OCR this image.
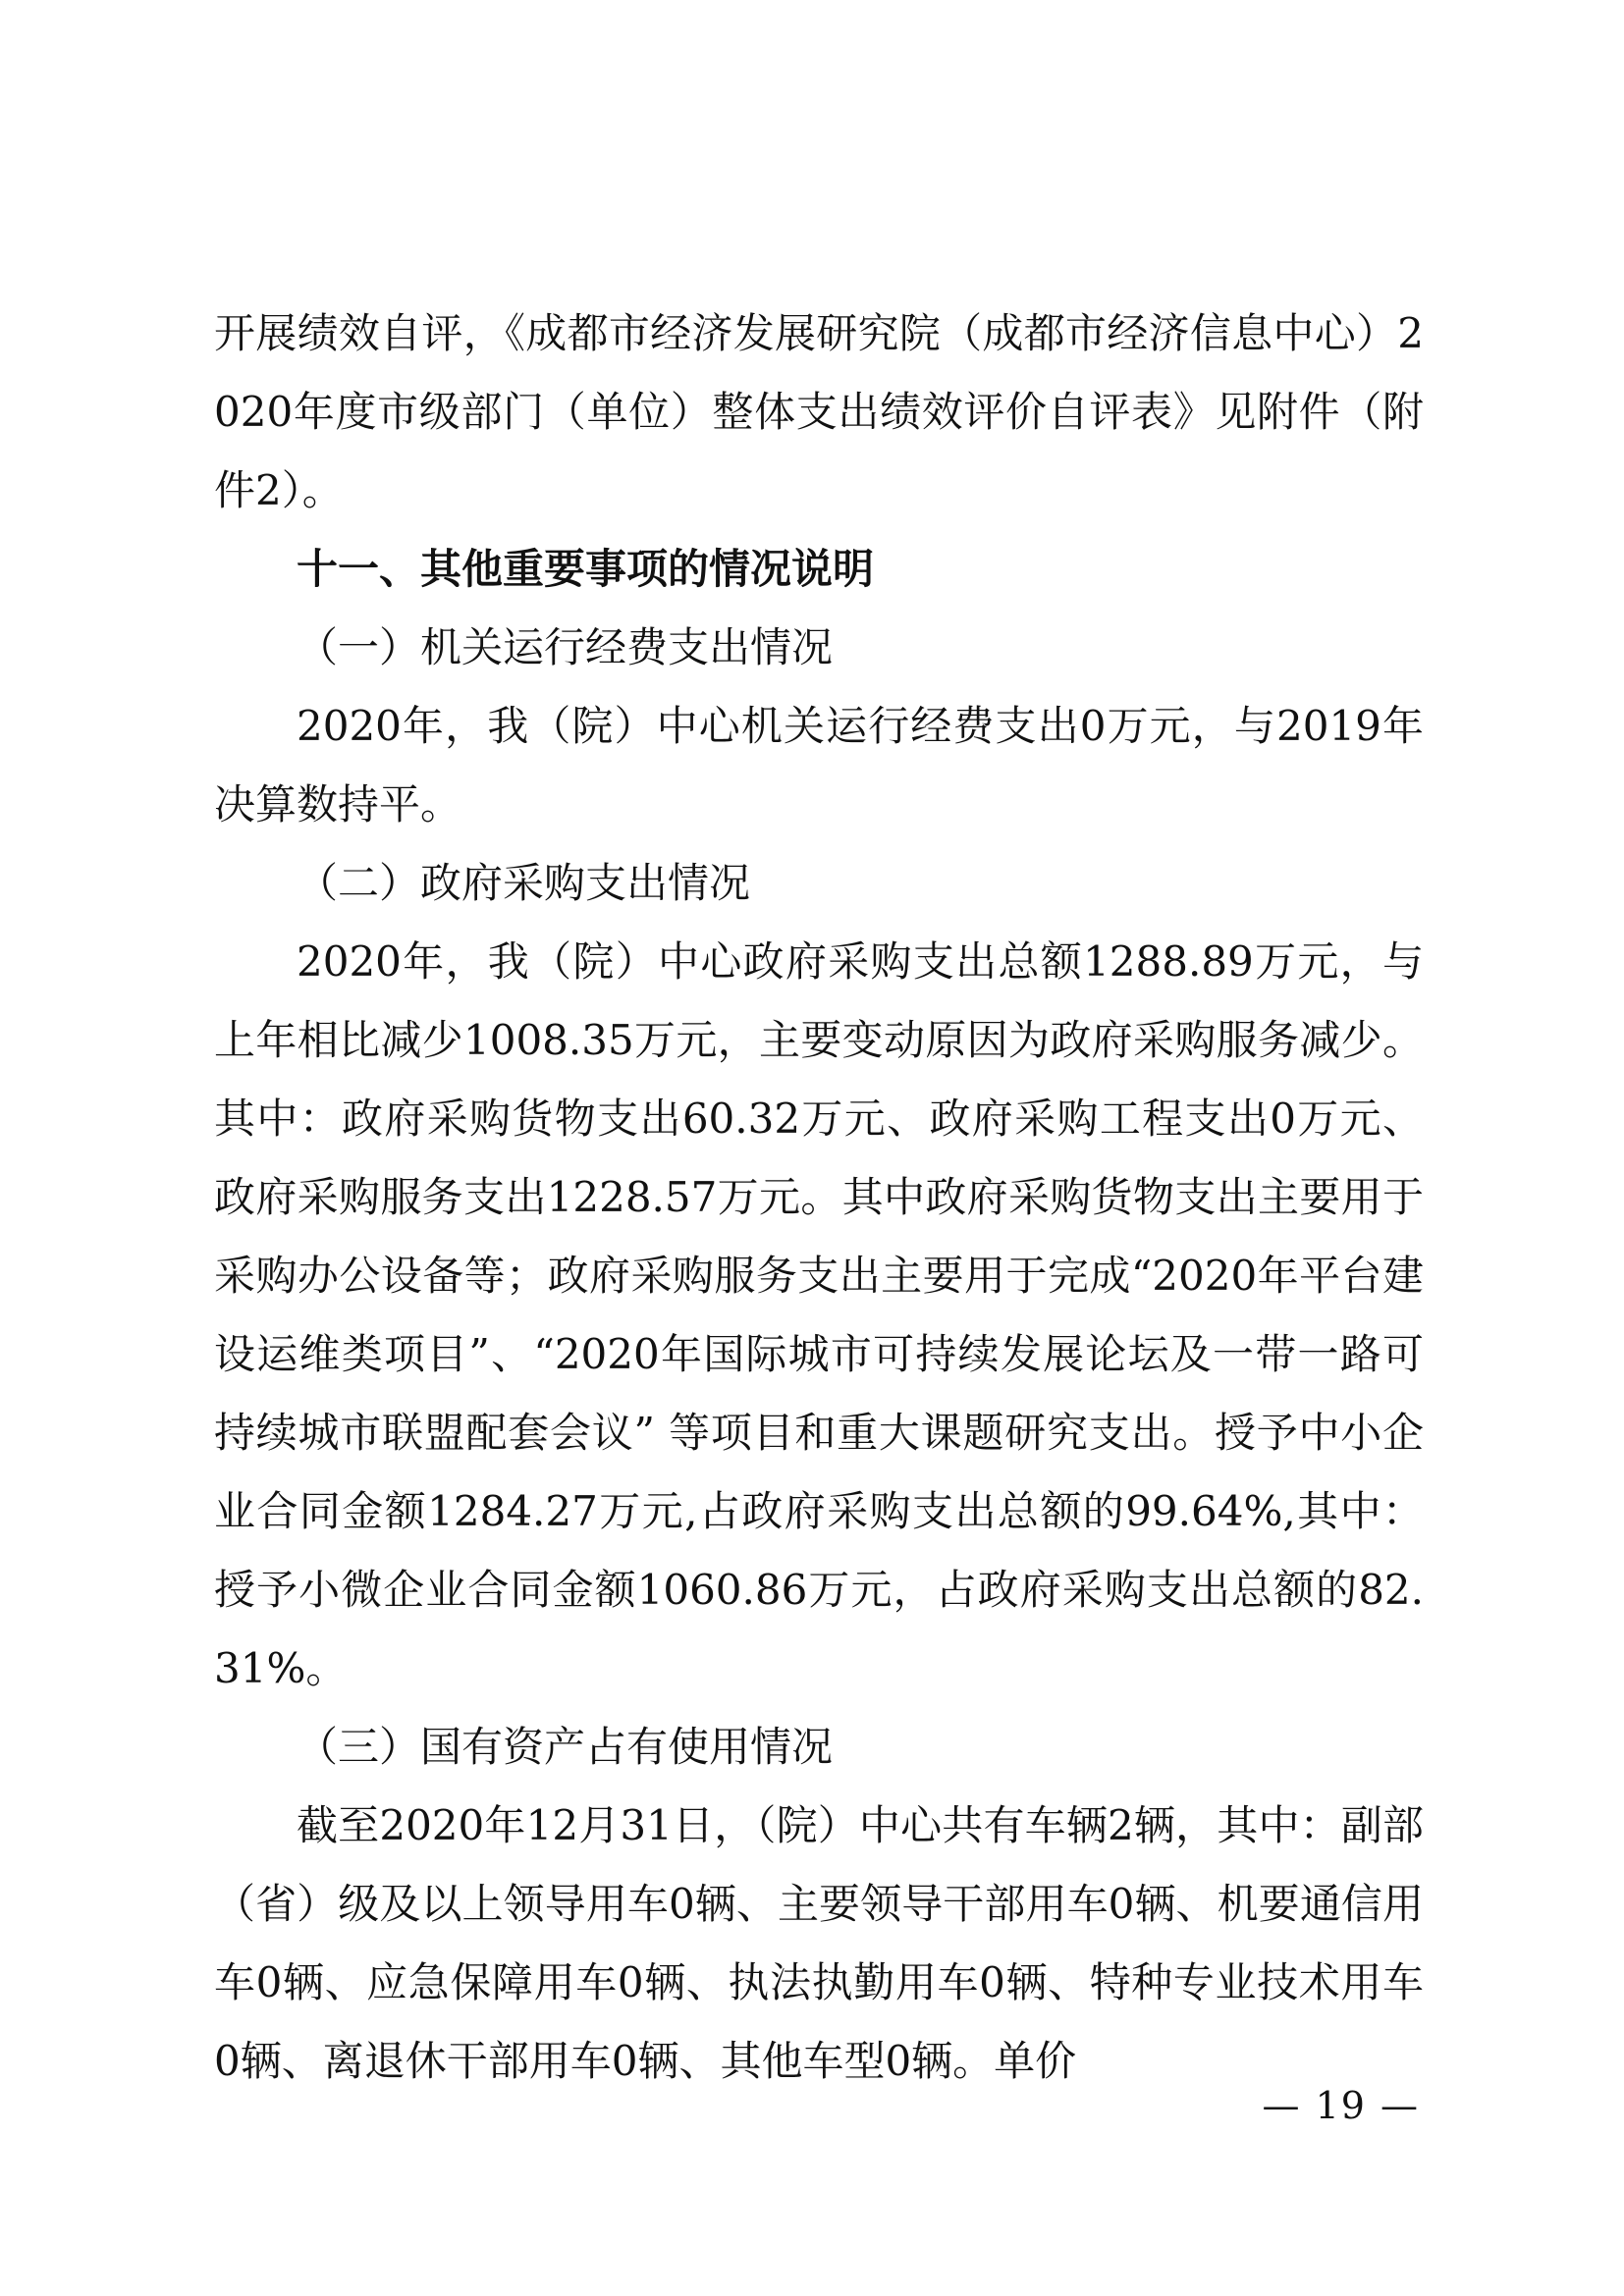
开展绩效自评，《成都市经济发展研究院（成都市经济信息中心）2020年度市级部门（单位）整体支出绩效评价自评表》见附件（附件2）。

十一、其他重要事项的情况说明

（一）机关运行经费支出情况

2020年，我（院）中心机关运行经费支出0万元，与2019年决算数持平。

（二）政府采购支出情况

2020年，我（院）中心政府采购支出总额1288.89万元，与上年相比减少1008.35万元，主要变动原因为政府采购服务减少。其中：政府采购货物支出60.32万元、政府采购工程支出0万元、政府采购服务支出1228.57万元。其中政府采购货物支出主要用于采购办公设备等；政府采购服务支出主要用于完成“2020年平台建设运维类项目”、“2020年国际城市可持续发展论坛及一带一路可持续城市联盟配套会议” 等项目和重大课题研究支出。授予中小企业合同金额1284.27万元,占政府采购支出总额的99.64%,其中：授予小微企业合同金额1060.86万元，占政府采购支出总额的82.31%。

（三）国有资产占有使用情况

截至2020年12月31日，（院）中心共有车辆2辆，其中：副部（省）级及以上领导用车0辆、主要领导干部用车0辆、机要通信用车0辆、应急保障用车0辆、执法执勤用车0辆、特种专业技术用车0辆、离退休干部用车0辆、其他车型0辆。单价

— 19 —
